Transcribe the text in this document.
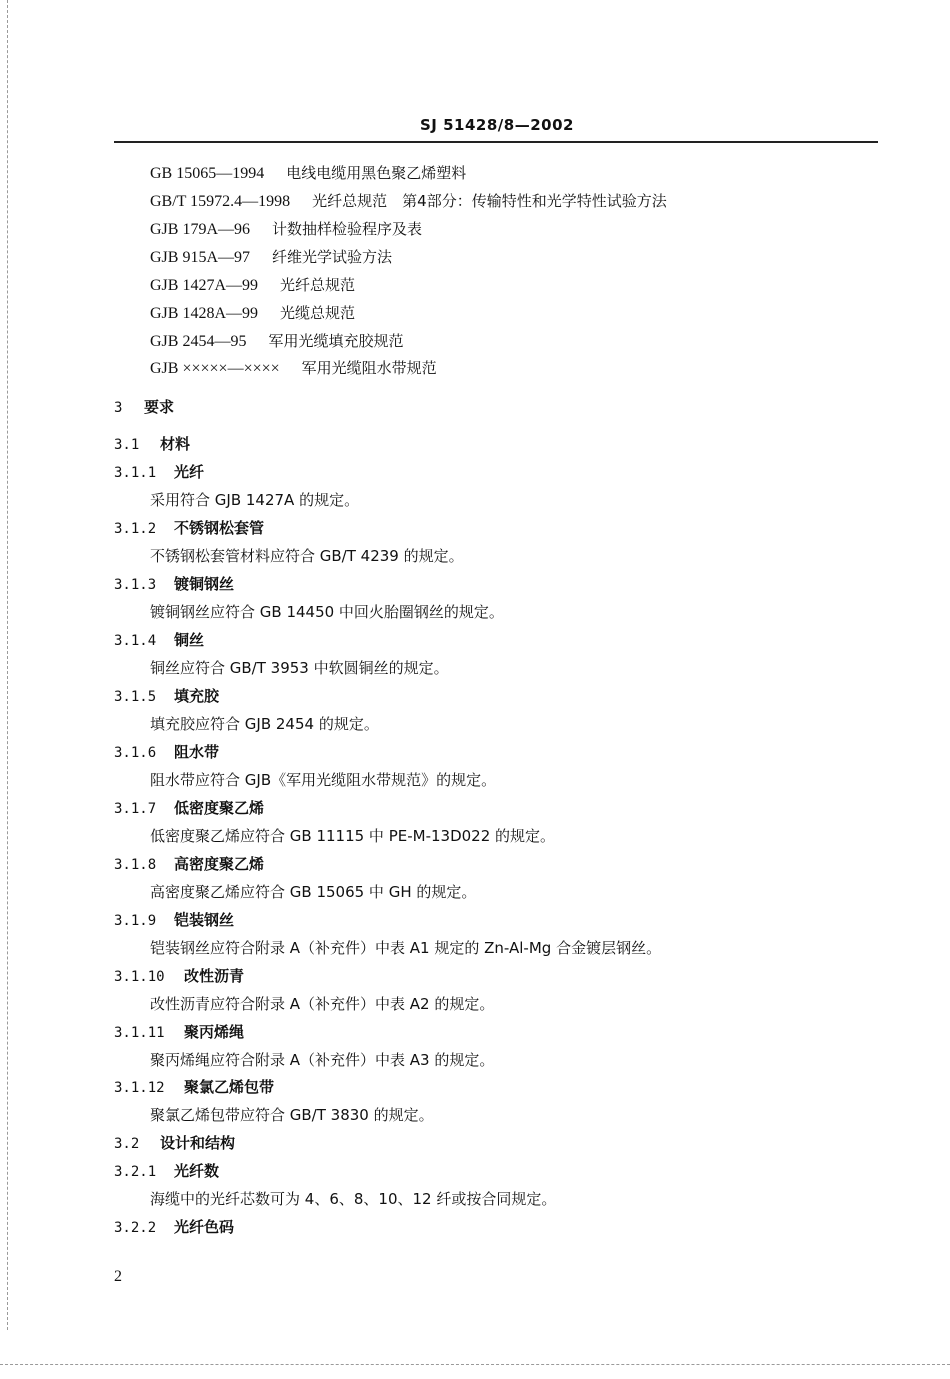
SJ 51428/8—2002
GB 15065—1994 电线电缆用黑色聚乙烯塑料
GB/T 15972.4—1998 光纤总规范　第4部分：传输特性和光学特性试验方法
GJB 179A—96 计数抽样检验程序及表
GJB 915A—97 纤维光学试验方法
GJB 1427A—99 光纤总规范
GJB 1428A—99 光缆总规范
GJB 2454—95 军用光缆填充胶规范
GJB ×××××—×××× 军用光缆阻水带规范
3 要求
3.1 材料
3.1.1 光纤
采用符合 GJB 1427A 的规定。
3.1.2 不锈钢松套管
不锈钢松套管材料应符合 GB/T 4239 的规定。
3.1.3 镀铜钢丝
镀铜钢丝应符合 GB 14450 中回火胎圈钢丝的规定。
3.1.4 铜丝
铜丝应符合 GB/T 3953 中软圆铜丝的规定。
3.1.5 填充胶
填充胶应符合 GJB 2454 的规定。
3.1.6 阻水带
阻水带应符合 GJB《军用光缆阻水带规范》的规定。
3.1.7 低密度聚乙烯
低密度聚乙烯应符合 GB 11115 中 PE-M-13D022 的规定。
3.1.8 高密度聚乙烯
高密度聚乙烯应符合 GB 15065 中 GH 的规定。
3.1.9 铠装钢丝
铠装钢丝应符合附录 A（补充件）中表 A1 规定的 Zn-Al-Mg 合金镀层钢丝。
3.1.10 改性沥青
改性沥青应符合附录 A（补充件）中表 A2 的规定。
3.1.11 聚丙烯绳
聚丙烯绳应符合附录 A（补充件）中表 A3 的规定。
3.1.12 聚氯乙烯包带
聚氯乙烯包带应符合 GB/T 3830 的规定。
3.2 设计和结构
3.2.1 光纤数
海缆中的光纤芯数可为 4、6、8、10、12 纤或按合同规定。
3.2.2 光纤色码
2
